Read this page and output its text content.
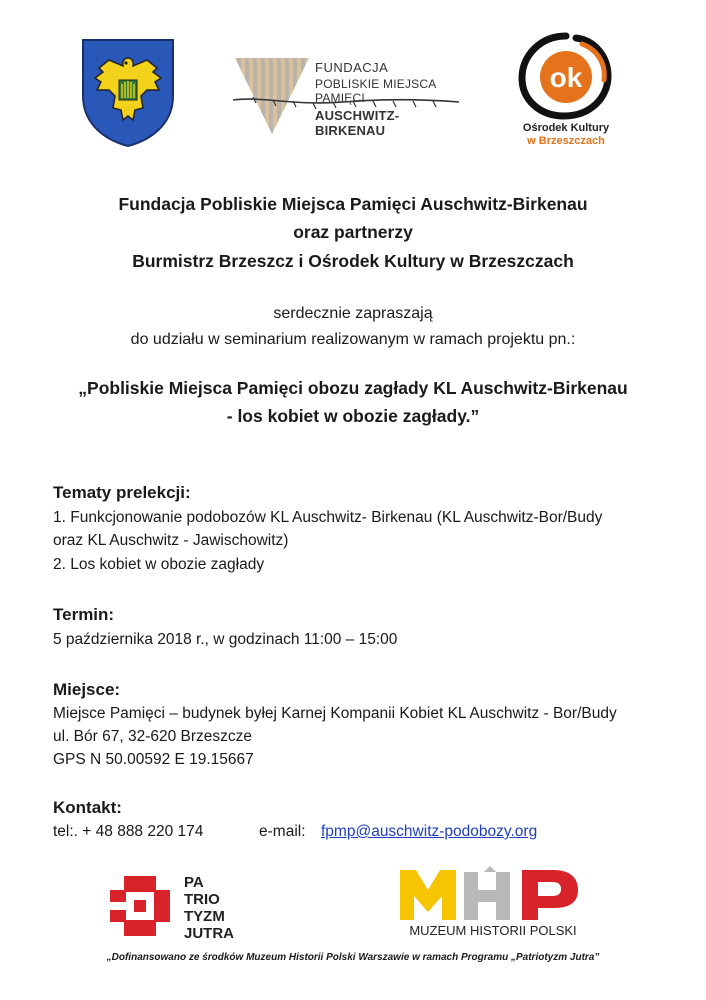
FUNDACJA
POBLISKIE MIEJSCA PAMIĘCI
AUSCHWITZ-BIRKENAU
ok
Ośrodek Kultury
w Brzeszczach
Fundacja Pobliskie Miejsca Pamięci Auschwitz-Birkenau
oraz partnerzy
Burmistrz Brzeszcz i Ośrodek Kultury w Brzeszczach
serdecznie zapraszają
do udziału w seminarium realizowanym w ramach projektu pn.:
„Pobliskie Miejsca Pamięci obozu zagłady KL Auschwitz-Birkenau
- los kobiet w obozie zagłady.”
Tematy prelekcji:
1. Funkcjonowanie podobozów KL Auschwitz- Birkenau (KL Auschwitz-Bor/Budy
oraz KL Auschwitz - Jawischowitz)
2. Los kobiet w obozie zagłady
Termin:
5 października 2018 r., w godzinach 11:00 – 15:00
Miejsce:
Miejsce Pamięci – budynek byłej Karnej Kompanii Kobiet KL Auschwitz - Bor/Budy
ul. Bór 67, 32-620 Brzeszcze
GPS N 50.00592 E 19.15667
Kontakt:
tel:. + 48 888 220 174	e-mail: fpmp@auschwitz-podobozy.org
PA
TRIO
TYZM
JUTRA	MUZEUM HISTORII POLSKI
„Dofinansowano ze środków Muzeum Historii Polski Warszawie w ramach Programu „Patriotyzm Jutra”
